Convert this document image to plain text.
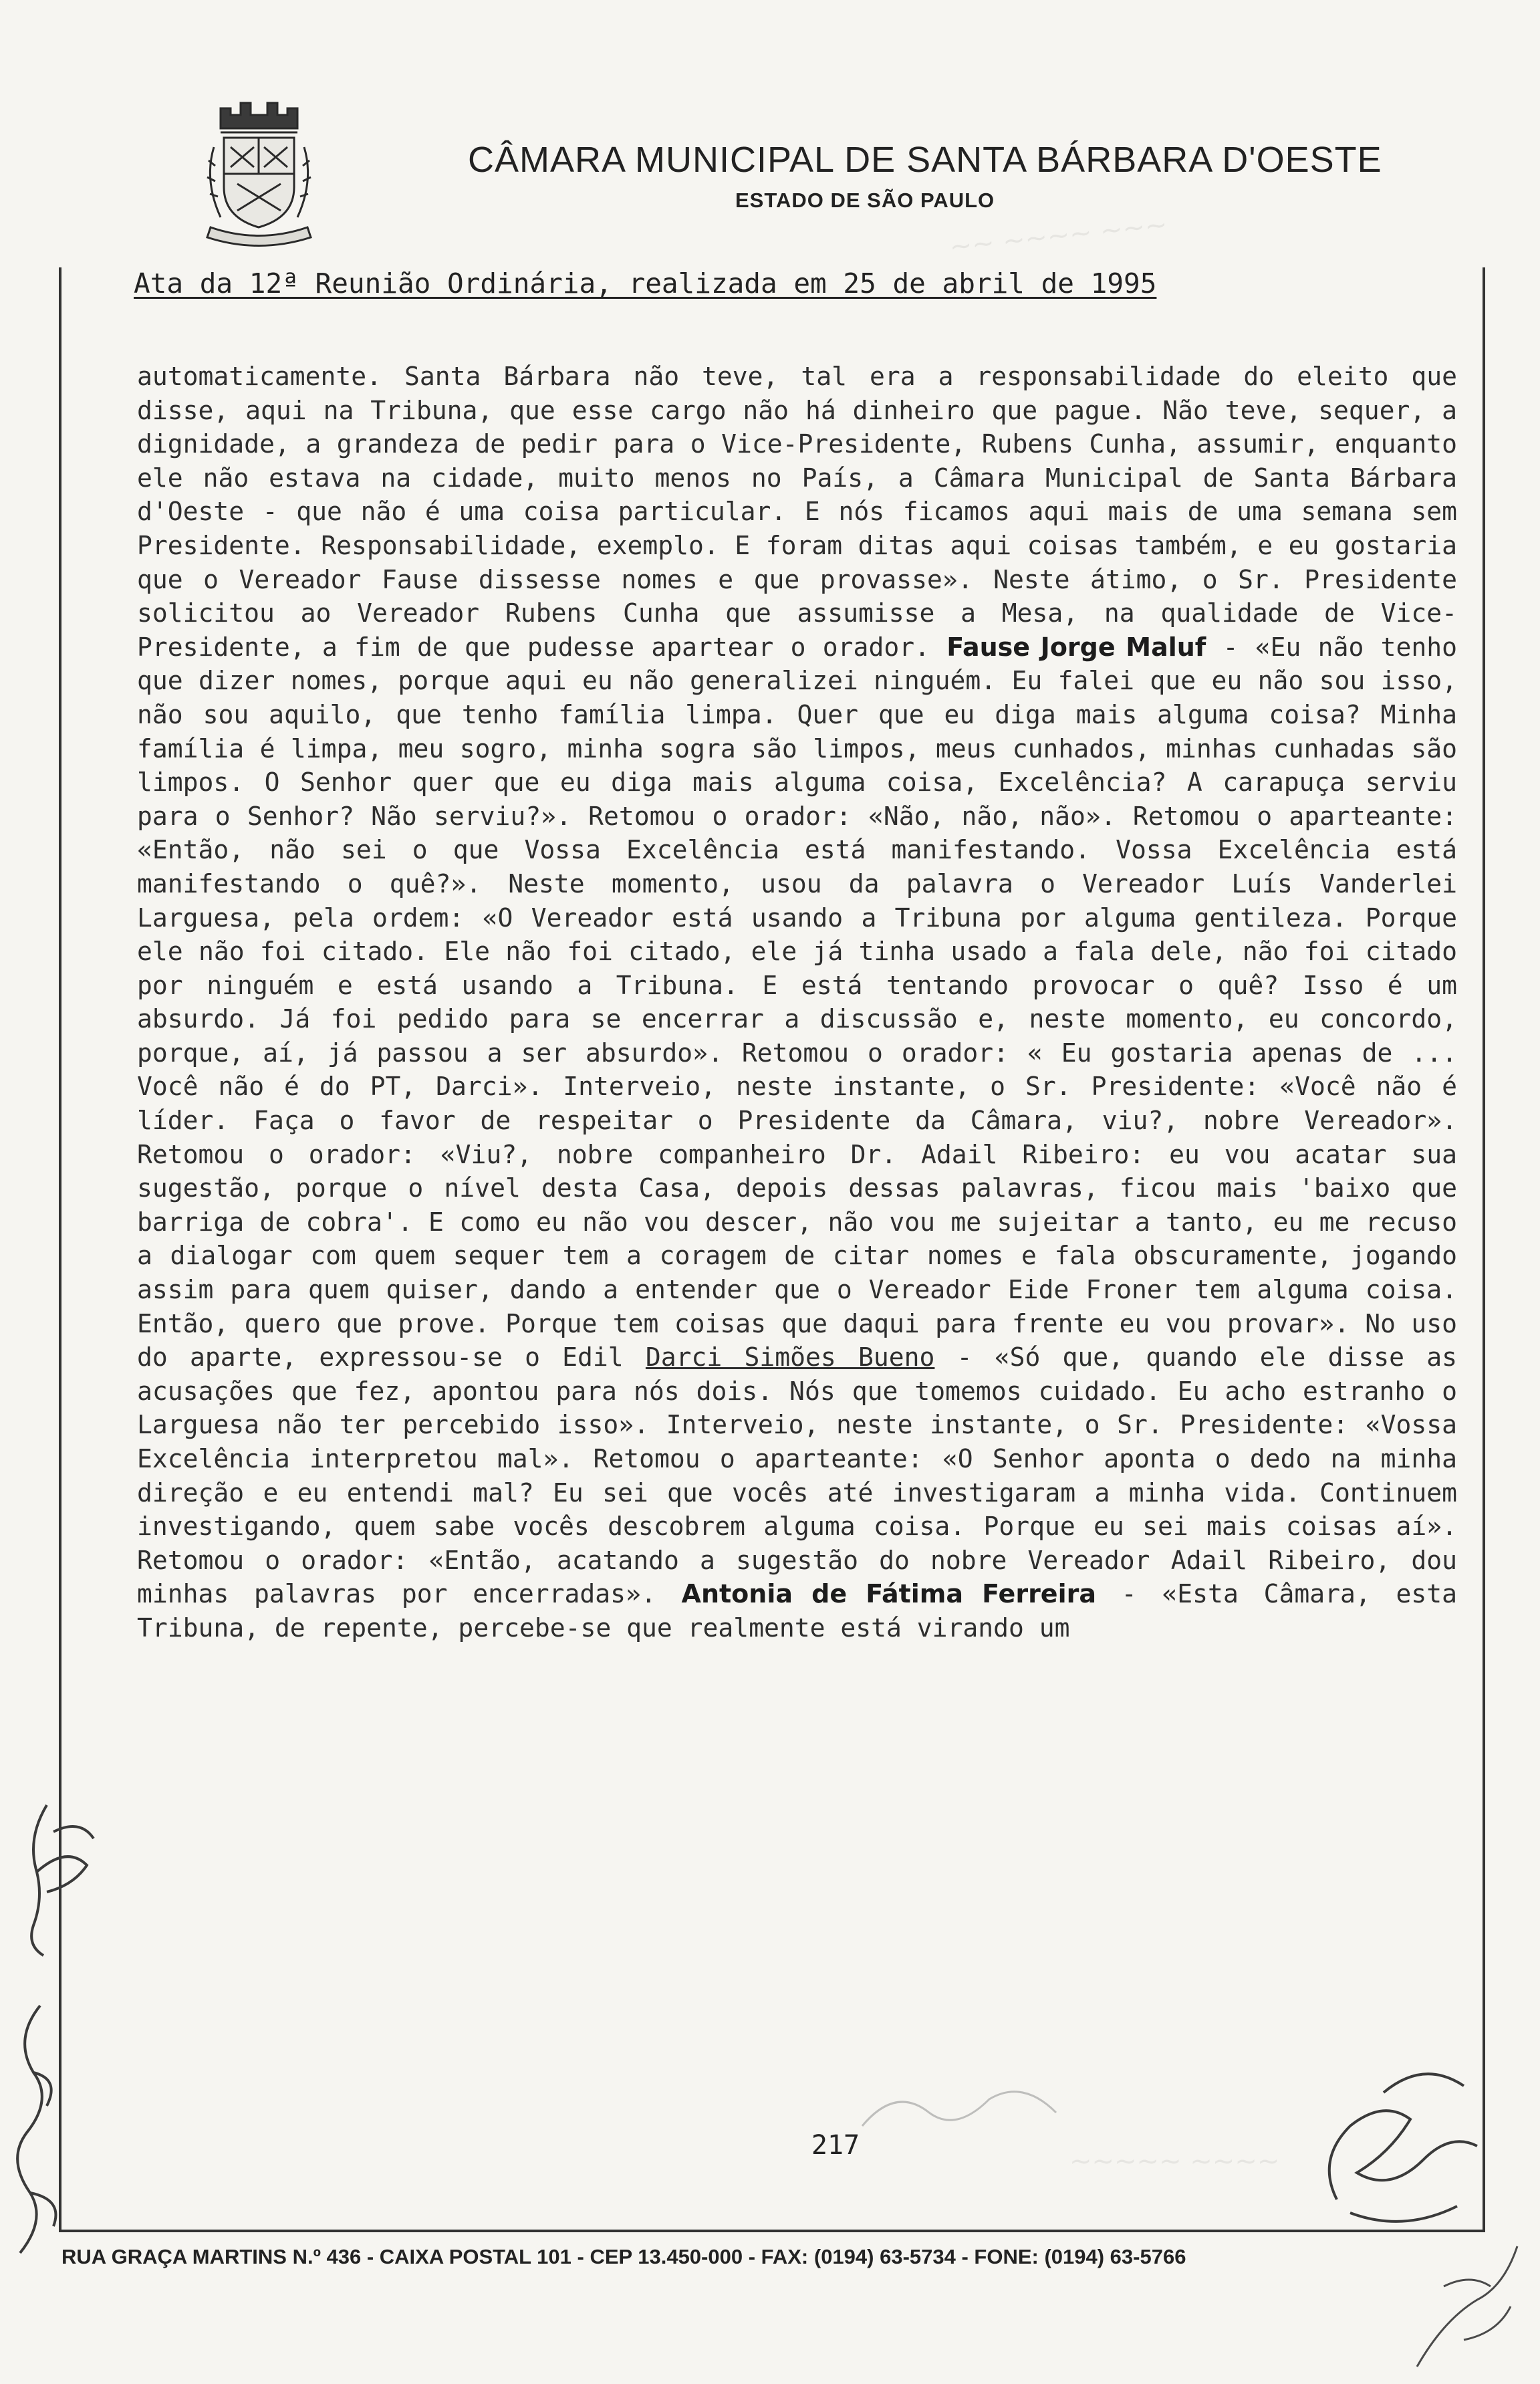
CÂMARA MUNICIPAL DE SANTA BÁRBARA D'OESTE
ESTADO DE SÃO PAULO
~~ ~~~~ ~~~
~~~~~ ~~~~
Ata da 12ª Reunião Ordinária, realizada em 25 de abril de 1995

automaticamente. Santa Bárbara não teve, tal era a responsabilidade do eleito que disse, aqui na Tribuna, que esse cargo não há dinheiro que pague. Não teve, sequer, a dignidade, a grandeza de pedir para o Vice-Presidente, Rubens Cunha, assumir, enquanto ele não estava na cidade, muito menos no País, a Câmara Municipal de Santa Bárbara d'Oeste - que não é uma coisa particular. E nós ficamos aqui mais de uma semana sem Presidente. Responsabilidade, exemplo. E foram ditas aqui coisas também, e eu gostaria que o Vereador Fause dissesse nomes e que provasse». Neste átimo, o Sr. Presidente solicitou ao Vereador Rubens Cunha que assumisse a Mesa, na qualidade de Vice-Presidente, a fim de que pudesse apartear o orador. Fause Jorge Maluf - «Eu não tenho que dizer nomes, porque aqui eu não generalizei ninguém. Eu falei que eu não sou isso, não sou aquilo, que tenho família limpa. Quer que eu diga mais alguma coisa? Minha família é limpa, meu sogro, minha sogra são limpos, meus cunhados, minhas cunhadas são limpos. O Senhor quer que eu diga mais alguma coisa, Excelência? A carapuça serviu para o Senhor? Não serviu?». Retomou o orador: «Não, não, não». Retomou o aparteante: «Então, não sei o que Vossa Excelência está manifestando. Vossa Excelência está manifestando o quê?». Neste momento, usou da palavra o Vereador Luís Vanderlei Larguesa, pela ordem: «O Vereador está usando a Tribuna por alguma gentileza. Porque ele não foi citado. Ele não foi citado, ele já tinha usado a fala dele, não foi citado por ninguém e está usando a Tribuna. E está tentando provocar o quê? Isso é um absurdo. Já foi pedido para se encerrar a discussão e, neste momento, eu concordo, porque, aí, já passou a ser absurdo». Retomou o orador: « Eu gostaria apenas de ... Você não é do PT, Darci». Interveio, neste instante, o Sr. Presidente: «Você não é líder. Faça o favor de respeitar o Presidente da Câmara, viu?, nobre Vereador». Retomou o orador: «Viu?, nobre companheiro Dr. Adail Ribeiro: eu vou acatar sua sugestão, porque o nível desta Casa, depois dessas palavras, ficou mais 'baixo que barriga de cobra'. E como eu não vou descer, não vou me sujeitar a tanto, eu me recuso a dialogar com quem sequer tem a coragem de citar nomes e fala obscuramente, jogando assim para quem quiser, dando a entender que o Vereador Eide Froner tem alguma coisa. Então, quero que prove. Porque tem coisas que daqui para frente eu vou provar». No uso do aparte, expressou-se o Edil Darci Simões Bueno - «Só que, quando ele disse as acusações que fez, apontou para nós dois. Nós que tomemos cuidado. Eu acho estranho o Larguesa não ter percebido isso». Interveio, neste instante, o Sr. Presidente: «Vossa Excelência interpretou mal». Retomou o aparteante: «O Senhor aponta o dedo na minha direção e eu entendi mal? Eu sei que vocês até investigaram a minha vida. Continuem investigando, quem sabe vocês descobrem alguma coisa. Porque eu sei mais coisas aí». Retomou o orador: «Então, acatando a sugestão do nobre Vereador Adail Ribeiro, dou minhas palavras por encerradas». Antonia de Fátima Ferreira - «Esta Câmara, esta Tribuna, de repente, percebe-se que realmente está virando um

217
RUA GRAÇA MARTINS N.º 436 - CAIXA POSTAL 101 - CEP 13.450-000 - FAX: (0194) 63-5734 - FONE: (0194) 63-5766
